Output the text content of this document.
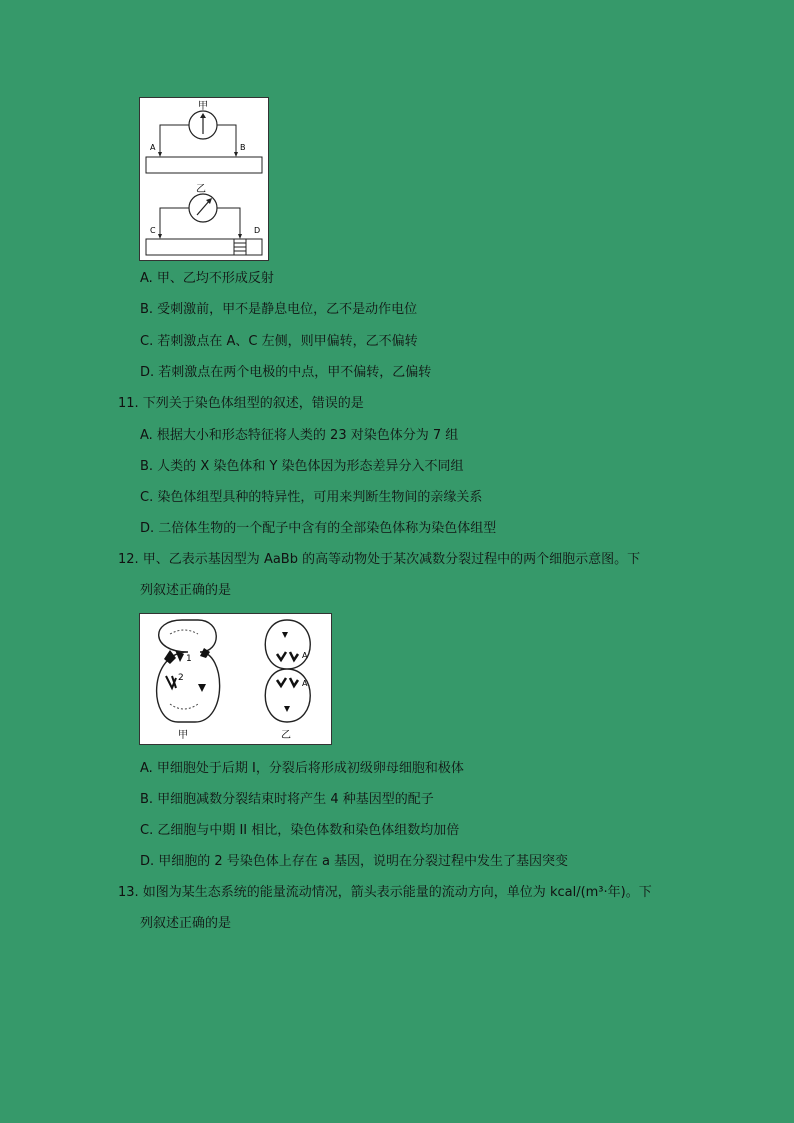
甲
A	B
乙
C	D
A. 甲、乙均不形成反射
B. 受刺激前，甲不是静息电位，乙不是动作电位
C. 若刺激点在 A、C 左侧，则甲偏转，乙不偏转
D. 若刺激点在两个电极的中点，甲不偏转，乙偏转
11. 下列关于染色体组型的叙述，错误的是
A. 根据大小和形态特征将人类的 23 对染色体分为 7 组
B. 人类的 X 染色体和 Y 染色体因为形态差异分入不同组
C. 染色体组型具种的特异性，可用来判断生物间的亲缘关系
D. 二倍体生物的一个配子中含有的全部染色体称为染色体组型
12. 甲、乙表示基因型为 AaBb 的高等动物处于某次减数分裂过程中的两个细胞示意图。下
列叙述正确的是
1
2
甲
A
A
乙
A. 甲细胞处于后期 I，分裂后将形成初级卵母细胞和极体
B. 甲细胞减数分裂结束时将产生 4 种基因型的配子
C. 乙细胞与中期 II 相比，染色体数和染色体组数均加倍
D. 甲细胞的 2 号染色体上存在 a 基因，说明在分裂过程中发生了基因突变
13. 如图为某生态系统的能量流动情况，箭头表示能量的流动方向，单位为 kcal/(m³·年)。下
列叙述正确的是
